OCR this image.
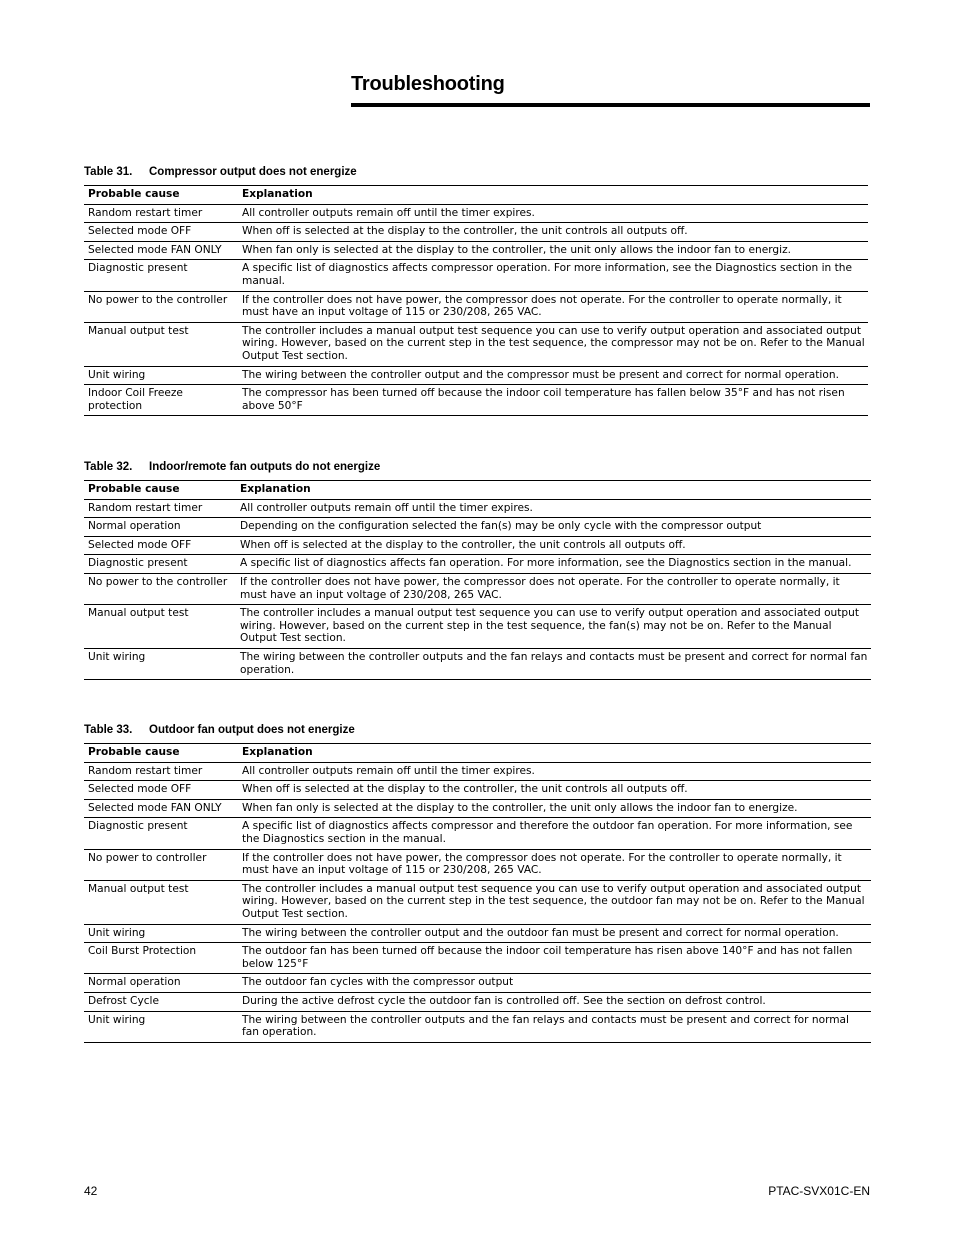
Troubleshooting
Table 31. Compressor output does not energize
Probable cause	Explanation
Random restart timer	All controller outputs remain off until the timer expires.
Selected mode OFF	When off is selected at the display to the controller, the unit controls all outputs off.
Selected mode FAN ONLY	When fan only is selected at the display to the controller, the unit only allows the indoor fan to energiz.
Diagnostic present	A specific list of diagnostics affects compressor operation. For more information, see the Diagnostics section in the manual.
No power to the controller	If the controller does not have power, the compressor does not operate. For the controller to operate normally, it must have an input voltage of 115 or 230/208, 265 VAC.
Manual output test	The controller includes a manual output test sequence you can use to verify output operation and associated output wiring. However, based on the current step in the test sequence, the compressor may not be on. Refer to the Manual Output Test section.
Unit wiring	The wiring between the controller output and the compressor must be present and correct for normal operation.
Indoor Coil Freeze protection	The compressor has been turned off because the indoor coil temperature has fallen below 35°F and has not risen above 50°F
Table 32. Indoor/remote fan outputs do not energize
Probable cause	Explanation
Random restart timer	All controller outputs remain off until the timer expires.
Normal operation	Depending on the configuration selected the fan(s) may be only cycle with the compressor output
Selected mode OFF	When off is selected at the display to the controller, the unit controls all outputs off.
Diagnostic present	A specific list of diagnostics affects fan operation. For more information, see the Diagnostics section in the manual.
No power to the controller	If the controller does not have power, the compressor does not operate. For the controller to operate normally, it must have an input voltage of 230/208, 265 VAC.
Manual output test	The controller includes a manual output test sequence you can use to verify output operation and associated output wiring. However, based on the current step in the test sequence, the fan(s) may not be on. Refer to the Manual Output Test section.
Unit wiring	The wiring between the controller outputs and the fan relays and contacts must be present and correct for normal fan operation.
Table 33. Outdoor fan output does not energize
Probable cause	Explanation
Random restart timer	All controller outputs remain off until the timer expires.
Selected mode OFF	When off is selected at the display to the controller, the unit controls all outputs off.
Selected mode FAN ONLY	When fan only is selected at the display to the controller, the unit only allows the indoor fan to energize.
Diagnostic present	A specific list of diagnostics affects compressor and therefore the outdoor fan operation. For more information, see the Diagnostics section in the manual.
No power to controller	If the controller does not have power, the compressor does not operate. For the controller to operate normally, it must have an input voltage of 115 or 230/208, 265 VAC.
Manual output test	The controller includes a manual output test sequence you can use to verify output operation and associated output wiring. However, based on the current step in the test sequence, the outdoor fan may not be on. Refer to the Manual Output Test section.
Unit wiring	The wiring between the controller output and the outdoor fan must be present and correct for normal operation.
Coil Burst Protection	The outdoor fan has been turned off because the indoor coil temperature has risen above 140°F and has not fallen below 125°F
Normal operation	The outdoor fan cycles with the compressor output
Defrost Cycle	During the active defrost cycle the outdoor fan is controlled off. See the section on defrost control.
Unit wiring	The wiring between the controller outputs and the fan relays and contacts must be present and correct for normal fan operation.
42	PTAC-SVX01C-EN
